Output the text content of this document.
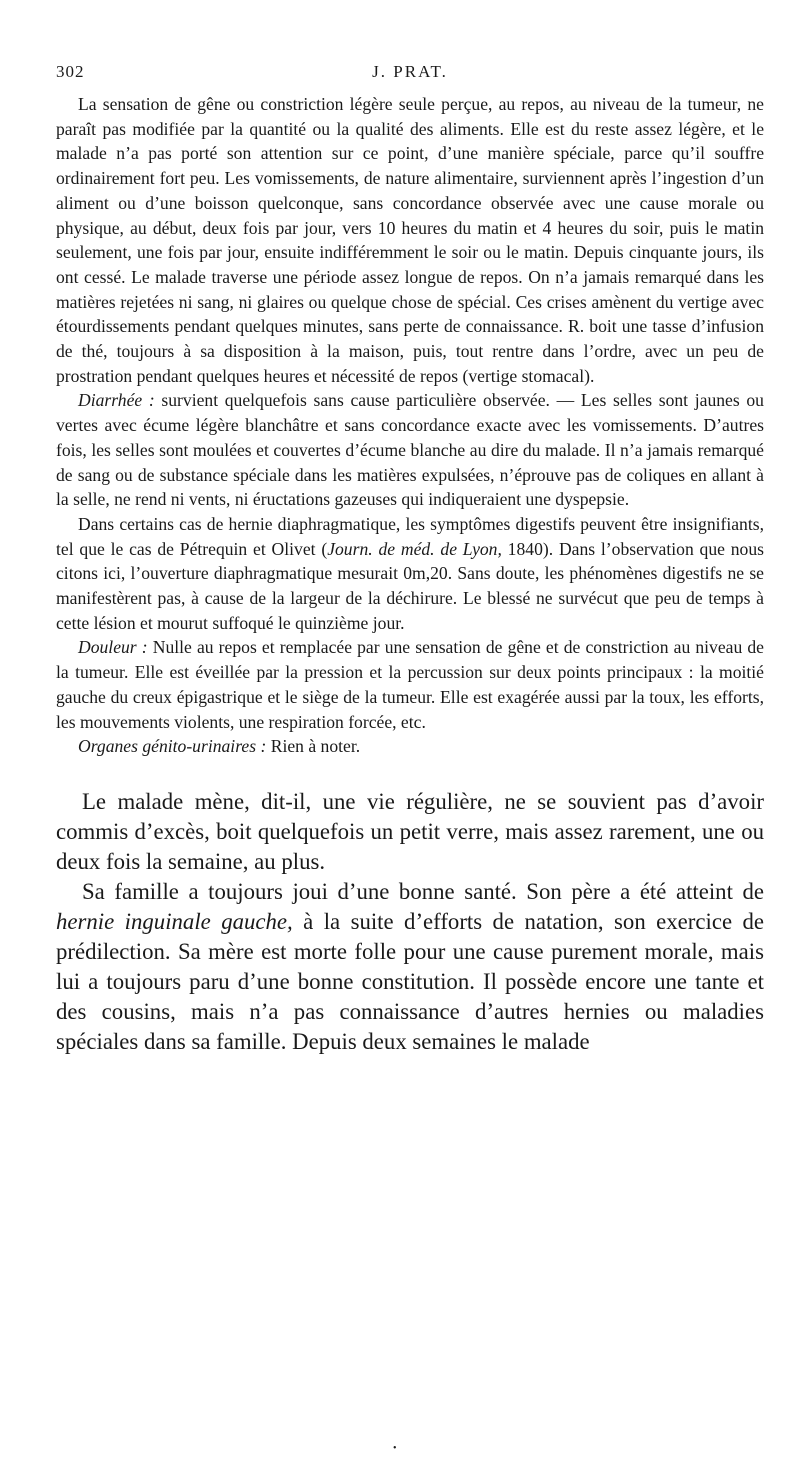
302	J. PRAT.

La sensation de gêne ou constriction légère seule perçue, au repos, au niveau de la tumeur, ne paraît pas modifiée par la quantité ou la qualité des aliments. Elle est du reste assez légère, et le malade n’a pas porté son attention sur ce point, d’une manière spéciale, parce qu’il souffre ordinairement fort peu. Les vomissements, de nature alimentaire, surviennent après l’ingestion d’un aliment ou d’une boisson quelconque, sans concordance observée avec une cause morale ou physique, au début, deux fois par jour, vers 10 heures du matin et 4 heures du soir, puis le matin seulement, une fois par jour, ensuite indifféremment le soir ou le matin. Depuis cinquante jours, ils ont cessé. Le malade traverse une période assez longue de repos. On n’a jamais remarqué dans les matières rejetées ni sang, ni glaires ou quelque chose de spécial. Ces crises amènent du vertige avec étourdissements pendant quelques minutes, sans perte de connaissance. R. boit une tasse d’infusion de thé, toujours à sa disposition à la maison, puis, tout rentre dans l’ordre, avec un peu de prostration pendant quelques heures et nécessité de repos (vertige stomacal).

Diarrhée : survient quelquefois sans cause particulière observée. — Les selles sont jaunes ou vertes avec écume légère blanchâtre et sans concordance exacte avec les vomissements. D’autres fois, les selles sont moulées et couvertes d’écume blanche au dire du malade. Il n’a jamais remarqué de sang ou de substance spéciale dans les matières expulsées, n’éprouve pas de coliques en allant à la selle, ne rend ni vents, ni éructations gazeuses qui indiqueraient une dyspepsie.

Dans certains cas de hernie diaphragmatique, les symptômes digestifs peuvent être insignifiants, tel que le cas de Pétrequin et Olivet (Journ. de méd. de Lyon, 1840). Dans l’observation que nous citons ici, l’ouverture diaphragmatique mesurait 0m,20. Sans doute, les phénomènes digestifs ne se manifestèrent pas, à cause de la largeur de la déchirure. Le blessé ne survécut que peu de temps à cette lésion et mourut suffoqué le quinzième jour.

Douleur : Nulle au repos et remplacée par une sensation de gêne et de constriction au niveau de la tumeur. Elle est éveillée par la pression et la percussion sur deux points principaux : la moitié gauche du creux épigastrique et le siège de la tumeur. Elle est exagérée aussi par la toux, les efforts, les mouvements violents, une respiration forcée, etc.

Organes génito-urinaires : Rien à noter.

Le malade mène, dit-il, une vie régulière, ne se souvient pas d’avoir commis d’excès, boit quelquefois un petit verre, mais assez rarement, une ou deux fois la semaine, au plus.

Sa famille a toujours joui d’une bonne santé. Son père a été atteint de hernie inguinale gauche, à la suite d’efforts de natation, son exercice de prédilection. Sa mère est morte folle pour une cause purement morale, mais lui a toujours paru d’une bonne constitution. Il possède encore une tante et des cousins, mais n’a pas connaissance d’autres hernies ou maladies spéciales dans sa famille. Depuis deux semaines le malade

•
